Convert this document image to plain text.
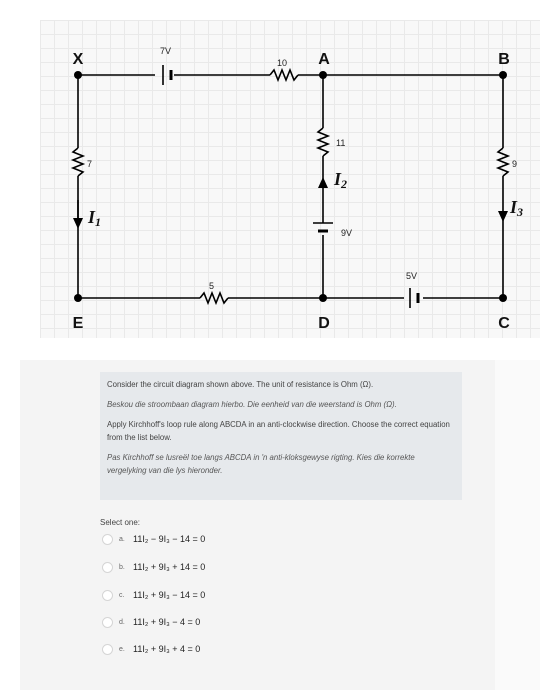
X	A	B
E	D	C
7V
10
11
9V
7	9
5
5V
I1
I2
I3

Consider the circuit diagram shown above. The unit of resistance is Ohm (Ω).

Beskou die stroombaan diagram hierbo. Die eenheid van die weerstand is Ohm (Ω).

Apply Kirchhoff's loop rule along ABCDA in an anti-clockwise direction. Choose the correct equation from the list below.

Pas Kirchhoff se lusreël toe langs ABCDA in 'n anti-kloksgewyse rigting. Kies die korrekte vergelyking van die lys hieronder.

Select one:
a. 11I₂ − 9I₃ − 14 = 0
b. 11I₂ + 9I₃ + 14 = 0
c. 11I₂ + 9I₃ − 14 = 0
d. 11I₂ + 9I₃ − 4 = 0
e. 11I₂ + 9I₃ + 4 = 0
